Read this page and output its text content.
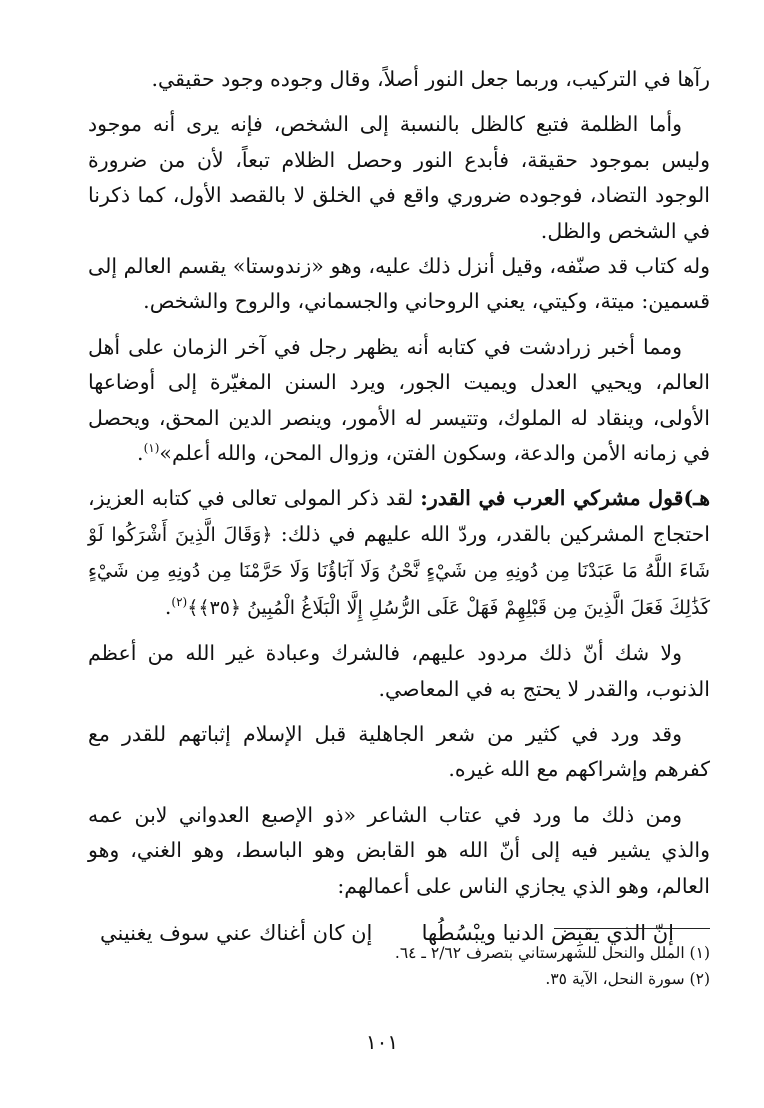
رآها في التركيب، وربما جعل النور أصلاً، وقال وجوده وجود حقيقي.

وأما الظلمة فتبع كالظل بالنسبة إلى الشخص، فإنه يرى أنه موجود وليس بموجود حقيقة، فأبدع النور وحصل الظلام تبعاً، لأن من ضرورة الوجود التضاد، فوجوده ضروري واقع في الخلق لا بالقصد الأول، كما ذكرنا في الشخص والظل.

وله كتاب قد صنّفه، وقيل أنزل ذلك عليه، وهو «زندوستا» يقسم العالم إلى قسمين: ميتة، وكيتي، يعني الروحاني والجسماني، والروح والشخص.

ومما أخبر زرادشت في كتابه أنه يظهر رجل في آخر الزمان على أهل العالم، ويحيي العدل ويميت الجور، ويرد السنن المغيّرة إلى أوضاعها الأولى، وينقاد له الملوك، وتتيسر له الأمور، وينصر الدين المحق، ويحصل في زمانه الأمن والدعة، وسكون الفتن، وزوال المحن، والله أعلم»$^{(١)}$.

هـ)قول مشركي العرب في القدر: لقد ذكر المولى تعالى في كتابه العزيز، احتجاج المشركين بالقدر، وردّ الله عليهم في ذلك: ﴿وَقَالَ الَّذِينَ أَشْرَكُوا لَوْ شَاءَ اللَّهُ مَا عَبَدْنَا مِن دُونِهِ مِن شَيْءٍ نَّحْنُ وَلَا آبَاؤُنَا وَلَا حَرَّمْنَا مِن دُونِهِ مِن شَيْءٍ كَذَٰلِكَ فَعَلَ الَّذِينَ مِن قَبْلِهِمْ فَهَلْ عَلَى الرُّسُلِ إِلَّا الْبَلَاغُ الْمُبِينُ ﴿٣٥﴾﴾$^{(٢)}$.

ولا شك أنّ ذلك مردود عليهم، فالشرك وعبادة غير الله من أعظم الذنوب، والقدر لا يحتج به في المعاصي.

وقد ورد في كثير من شعر الجاهلية قبل الإسلام إثباتهم للقدر مع كفرهم وإشراكهم مع الله غيره.

ومن ذلك ما ورد في عتاب الشاعر «ذو الإصبع العدواني لابن عمه والذي يشير فيه إلى أنّ الله هو القابض وهو الباسط، وهو الغني، وهو العالم، وهو الذي يجازي الناس على أعمالهم:

إنّ الذي يقبِض الدنيا ويبْسُطُها
إن كان أغناك عني سوف يغنيني

(١) الملل والنحل للشهرستاني بتصرف ٢/٦٢ ـ ٦٤.

(٢) سورة النحل، الآية ٣٥.

١٠١
